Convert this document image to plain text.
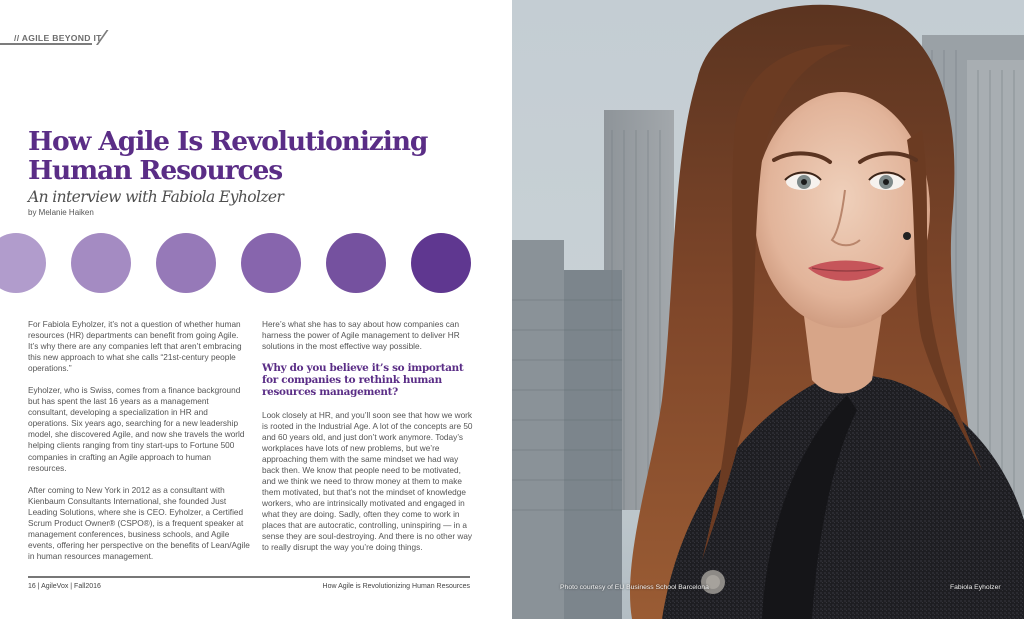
// AGILE BEYOND IT
How Agile Is Revolutionizing
Human Resources
An interview with Fabiola Eyholzer
by Melanie Haiken

For Fabiola Eyholzer, it’s not a question of whether human resources (HR) departments can benefit from going Agile. It’s why there are any companies left that aren’t embracing this new approach to what she calls “21st-century people operations.”

Eyholzer, who is Swiss, comes from a finance background but has spent the last 16 years as a management consultant, developing a specialization in HR and operations. Six years ago, searching for a new leadership model, she discovered Agile, and now she travels the world helping clients ranging from tiny start-ups to Fortune 500 companies in crafting an Agile approach to human resources.

After coming to New York in 2012 as a consultant with Kienbaum Consultants International, she founded Just Leading Solutions, where she is CEO. Eyholzer, a Certified Scrum Product Owner® (CSPO®), is a frequent speaker at management conferences, business schools, and Agile events, offering her perspective on the benefits of Lean/Agile in human resources management.

Here’s what she has to say about how companies can harness the power of Agile management to deliver HR solutions in the most effective way possible.

Why do you believe it’s so important for companies to rethink human resources management?

Look closely at HR, and you’ll soon see that how we work is rooted in the Industrial Age. A lot of the concepts are 50 and 60 years old, and just don’t work anymore. Today’s workplaces have lots of new problems, but we’re approaching them with the same mindset we had way back then. We know that people need to be motivated, and we think we need to throw money at them to make them motivated, but that’s not the mindset of knowledge workers, who are intrinsically motivated and engaged in what they are doing. Sadly, often they come to work in places that are autocratic, controlling, uninspiring — in a sense they are soul-destroying. And there is no other way to really disrupt the way you’re doing things.

16 | AgileVox | Fall2016	How Agile is Revolutionizing Human Resources	Photo courtesy of EU Business School Barcelona	Fabiola Eyholzer
